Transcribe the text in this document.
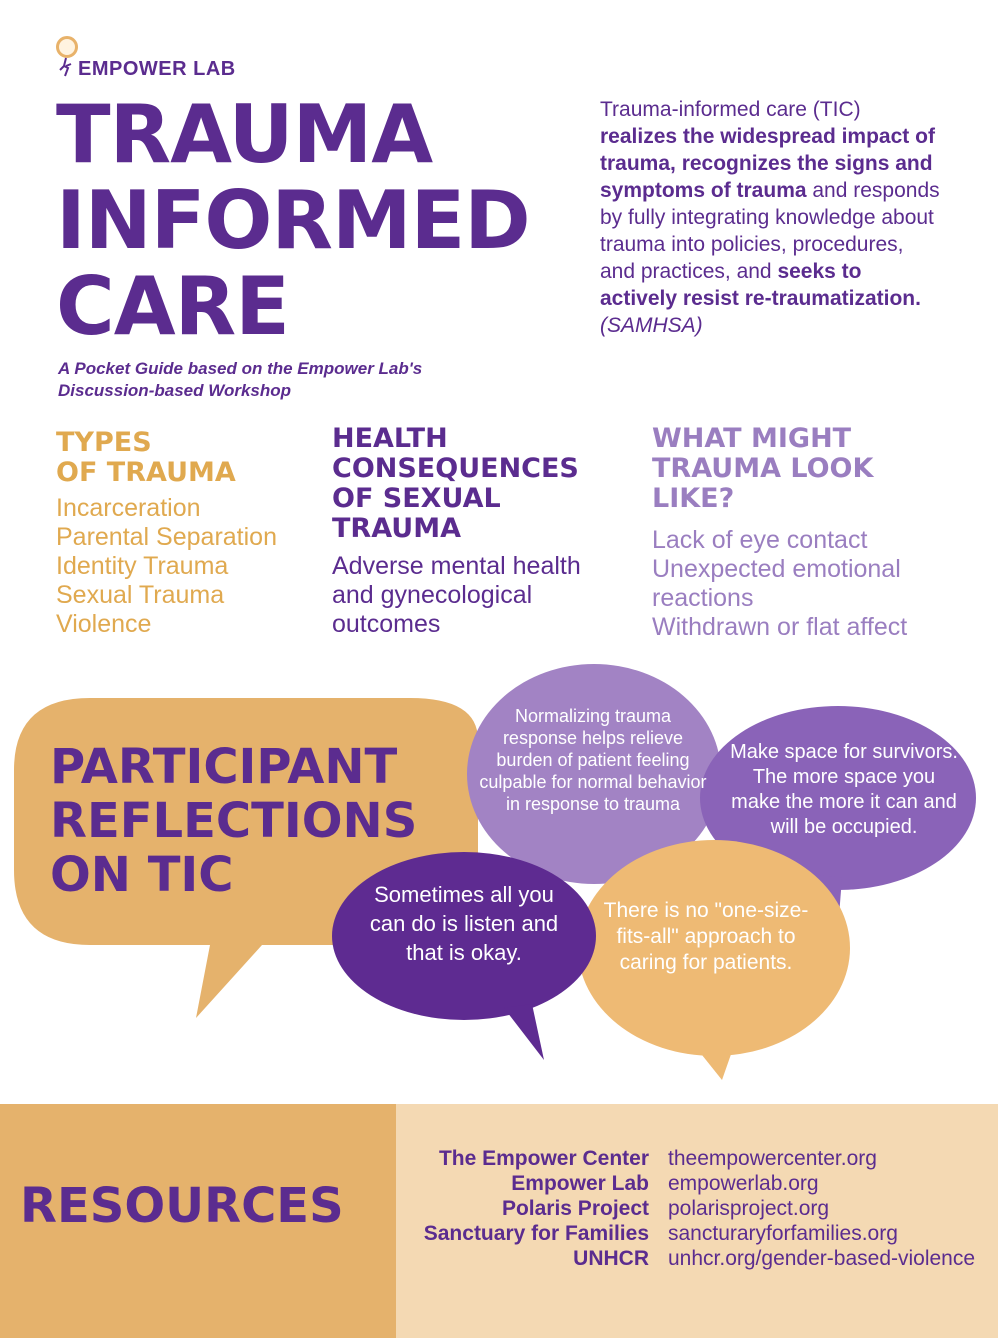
EMPOWER LAB
TRAUMA
INFORMED
CARE
A Pocket Guide based on the Empower Lab's
Discussion-based Workshop
Trauma-informed care (TIC) realizes the widespread impact of trauma, recognizes the signs and symptoms of trauma and responds by fully integrating knowledge about trauma into policies, procedures, and practices, and seeks to actively resist re-traumatization. (SAMHSA)
TYPES
OF TRAUMA
Incarceration
Parental Separation
Identity Trauma
Sexual Trauma
Violence
HEALTH
CONSEQUENCES
OF SEXUAL
TRAUMA
Adverse mental health
and gynecological
outcomes
WHAT MIGHT
TRAUMA LOOK
LIKE?
Lack of eye contact
Unexpected emotional
reactions
Withdrawn or flat affect
PARTICIPANT
REFLECTIONS
ON TIC
Normalizing trauma response helps relieve burden of patient feeling culpable for normal behavior in response to trauma
Make space for survivors. The more space you make the more it can and will be occupied.
Sometimes all you can do is listen and that is okay.
There is no "one-size-fits-all" approach to caring for patients.
RESOURCES
The Empower Center
Empower Lab
Polaris Project
Sanctuary for Families
UNHCR
theempowercenter.org
empowerlab.org
polarisproject.org
sancturaryforfamilies.org
unhcr.org/gender-based-violence
